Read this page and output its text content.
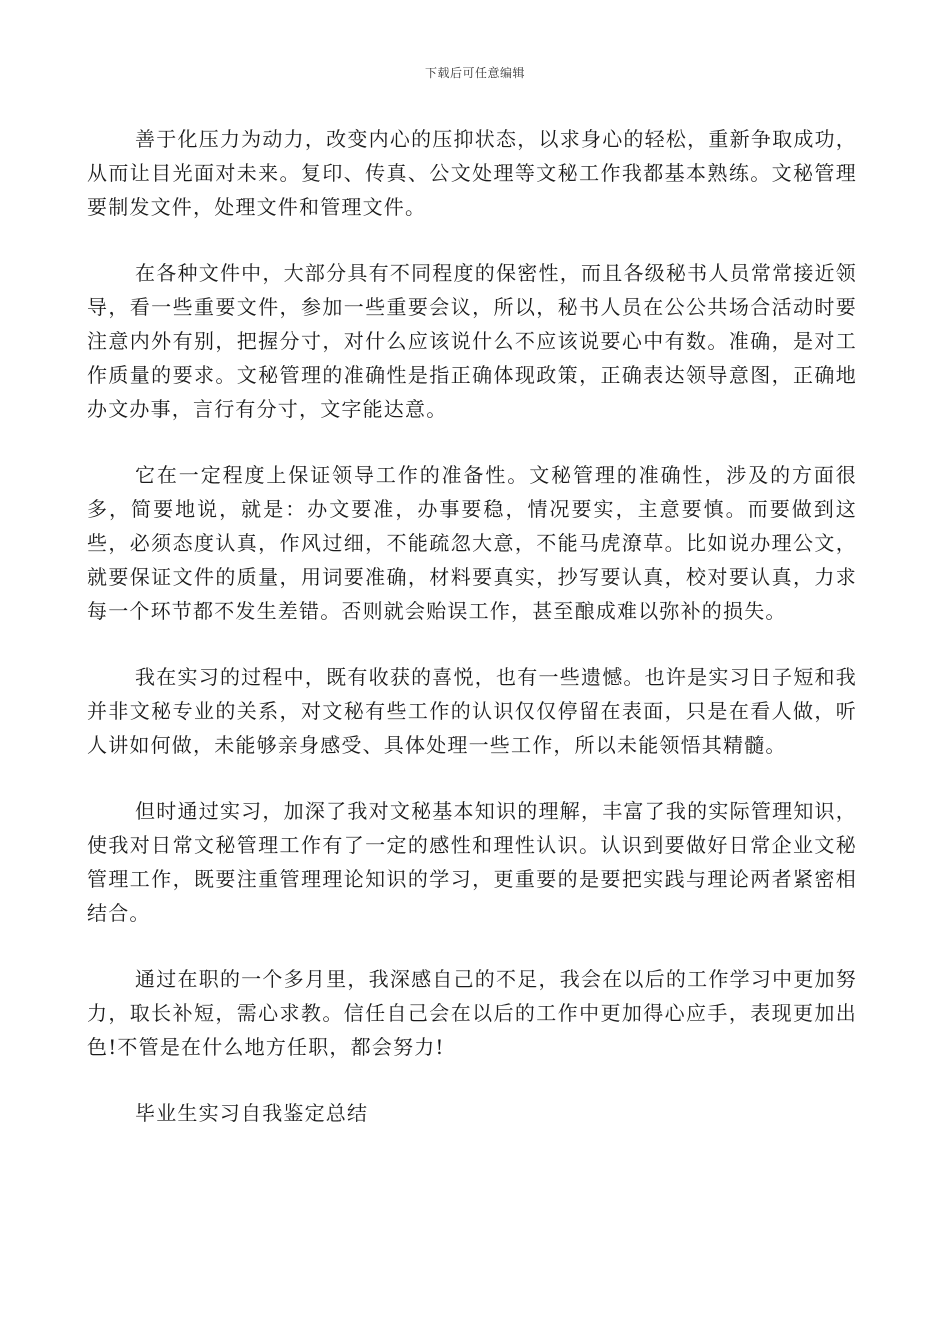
下载后可任意编辑

善于化压力为动力，改变内心的压抑状态，以求身心的轻松，重新争取成功，从而让目光面对未来。复印、传真、公文处理等文秘工作我都基本熟练。文秘管理要制发文件，处理文件和管理文件。

在各种文件中，大部分具有不同程度的保密性，而且各级秘书人员常常接近领导，看一些重要文件，参加一些重要会议，所以，秘书人员在公公共场合活动时要注意内外有别，把握分寸，对什么应该说什么不应该说要心中有数。准确，是对工作质量的要求。文秘管理的准确性是指正确体现政策，正确表达领导意图，正确地办文办事，言行有分寸，文字能达意。

它在一定程度上保证领导工作的准备性。文秘管理的准确性，涉及的方面很多，简要地说，就是：办文要准，办事要稳，情况要实，主意要慎。而要做到这些，必须态度认真，作风过细，不能疏忽大意，不能马虎潦草。比如说办理公文，就要保证文件的质量，用词要准确，材料要真实，抄写要认真，校对要认真，力求每一个环节都不发生差错。否则就会贻误工作，甚至酿成难以弥补的损失。

我在实习的过程中，既有收获的喜悦，也有一些遗憾。也许是实习日子短和我并非文秘专业的关系，对文秘有些工作的认识仅仅停留在表面，只是在看人做，听人讲如何做，未能够亲身感受、具体处理一些工作，所以未能领悟其精髓。

但时通过实习，加深了我对文秘基本知识的理解，丰富了我的实际管理知识，使我对日常文秘管理工作有了一定的感性和理性认识。认识到要做好日常企业文秘管理工作，既要注重管理理论知识的学习，更重要的是要把实践与理论两者紧密相结合。

通过在职的一个多月里，我深感自己的不足，我会在以后的工作学习中更加努力，取长补短，需心求教。信任自己会在以后的工作中更加得心应手，表现更加出色!不管是在什么地方任职，都会努力!

毕业生实习自我鉴定总结
